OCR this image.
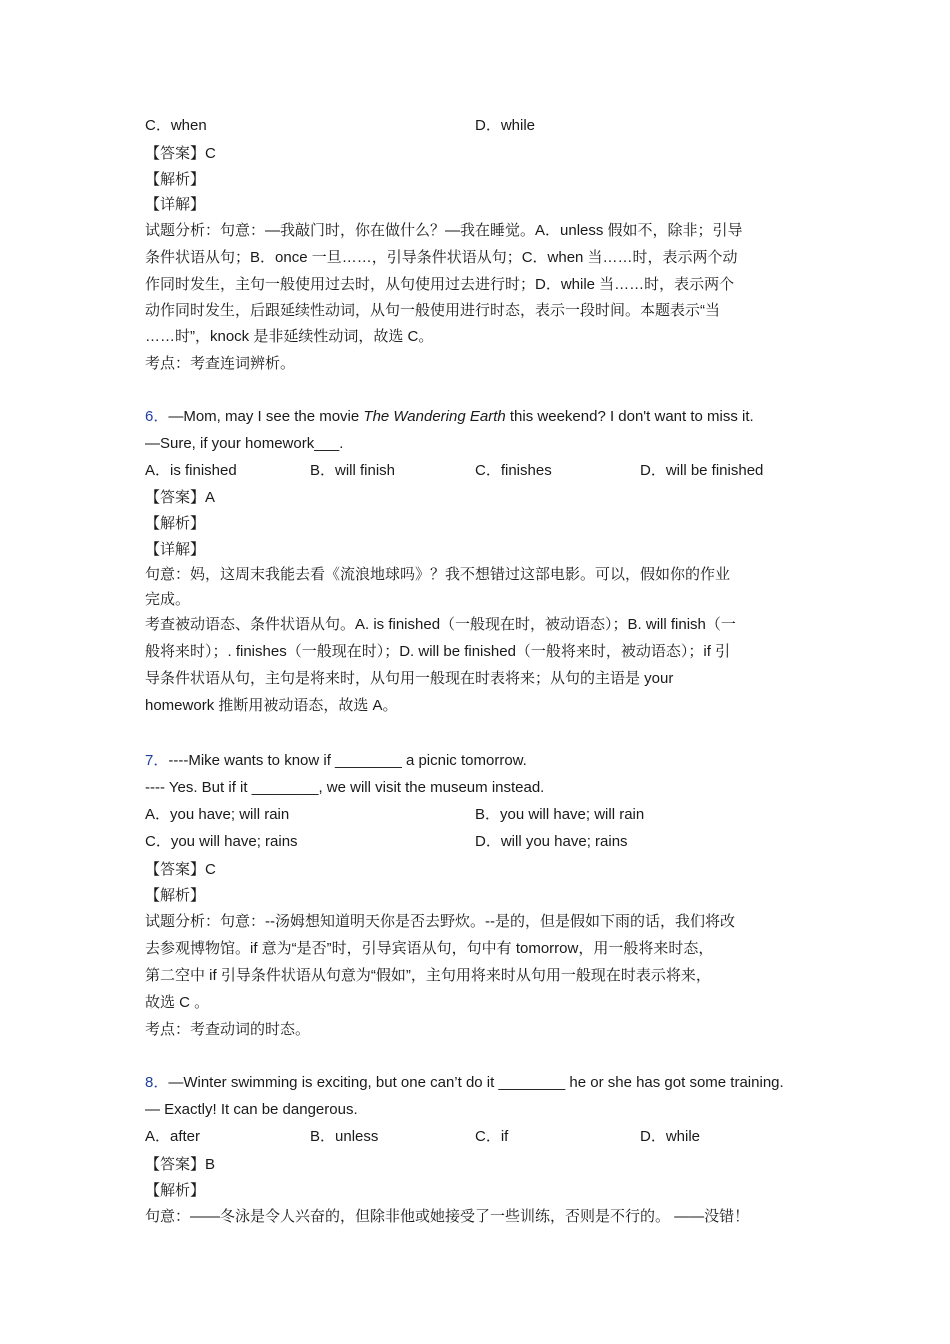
C．when	D．while
【答案】C
【解析】
【详解】
试题分析：句意：—我敲门时，你在做什么？—我在睡觉。A．unless 假如不，除非；引导
条件状语从句；B．once 一旦……，引导条件状语从句；C．when 当……时，表示两个动
作同时发生，主句一般使用过去时，从句使用过去进行时；D．while 当……时，表示两个
动作同时发生，后跟延续性动词，从句一般使用进行时态，表示一段时间。本题表示“当
……时”，knock 是非延续性动词，故选 C。
考点：考查连词辨析。
6．—Mom, may I see the movie The Wandering Earth this weekend? I don't want to miss it.
—Sure, if your homework___.
A．is finished	B．will finish	C．finishes	D．will be finished
【答案】A
【解析】
【详解】
句意：妈，这周末我能去看《流浪地球吗》？我不想错过这部电影。可以，假如你的作业
完成。
考查被动语态、条件状语从句。A. is finished（一般现在时，被动语态）；B. will finish（一
般将来时）；. finishes（一般现在时）；D. will be finished（一般将来时，被动语态）；if 引
导条件状语从句，主句是将来时，从句用一般现在时表将来；从句的主语是 your
homework 推断用被动语态，故选 A。
7．----Mike wants to know if ________ a picnic tomorrow.
---- Yes. But if it ________, we will visit the museum instead.
A．you have; will rain	B．you will have; will rain
C．you will have; rains	D．will you have; rains
【答案】C
【解析】
试题分析：句意：--汤姆想知道明天你是否去野炊。--是的，但是假如下雨的话，我们将改
去参观博物馆。if 意为“是否”时，引导宾语从句，句中有 tomorrow，用一般将来时态，
第二空中 if 引导条件状语从句意为“假如”，主句用将来时从句用一般现在时表示将来，
故选 C 。
考点：考查动词的时态。
8．—Winter swimming is exciting, but one can’t do it ________ he or she has got some training.
— Exactly! It can be dangerous.
A．after	B．unless	C．if	D．while
【答案】B
【解析】
句意：——冬泳是令人兴奋的，但除非他或她接受了一些训练，否则是不行的。 ——没错！
